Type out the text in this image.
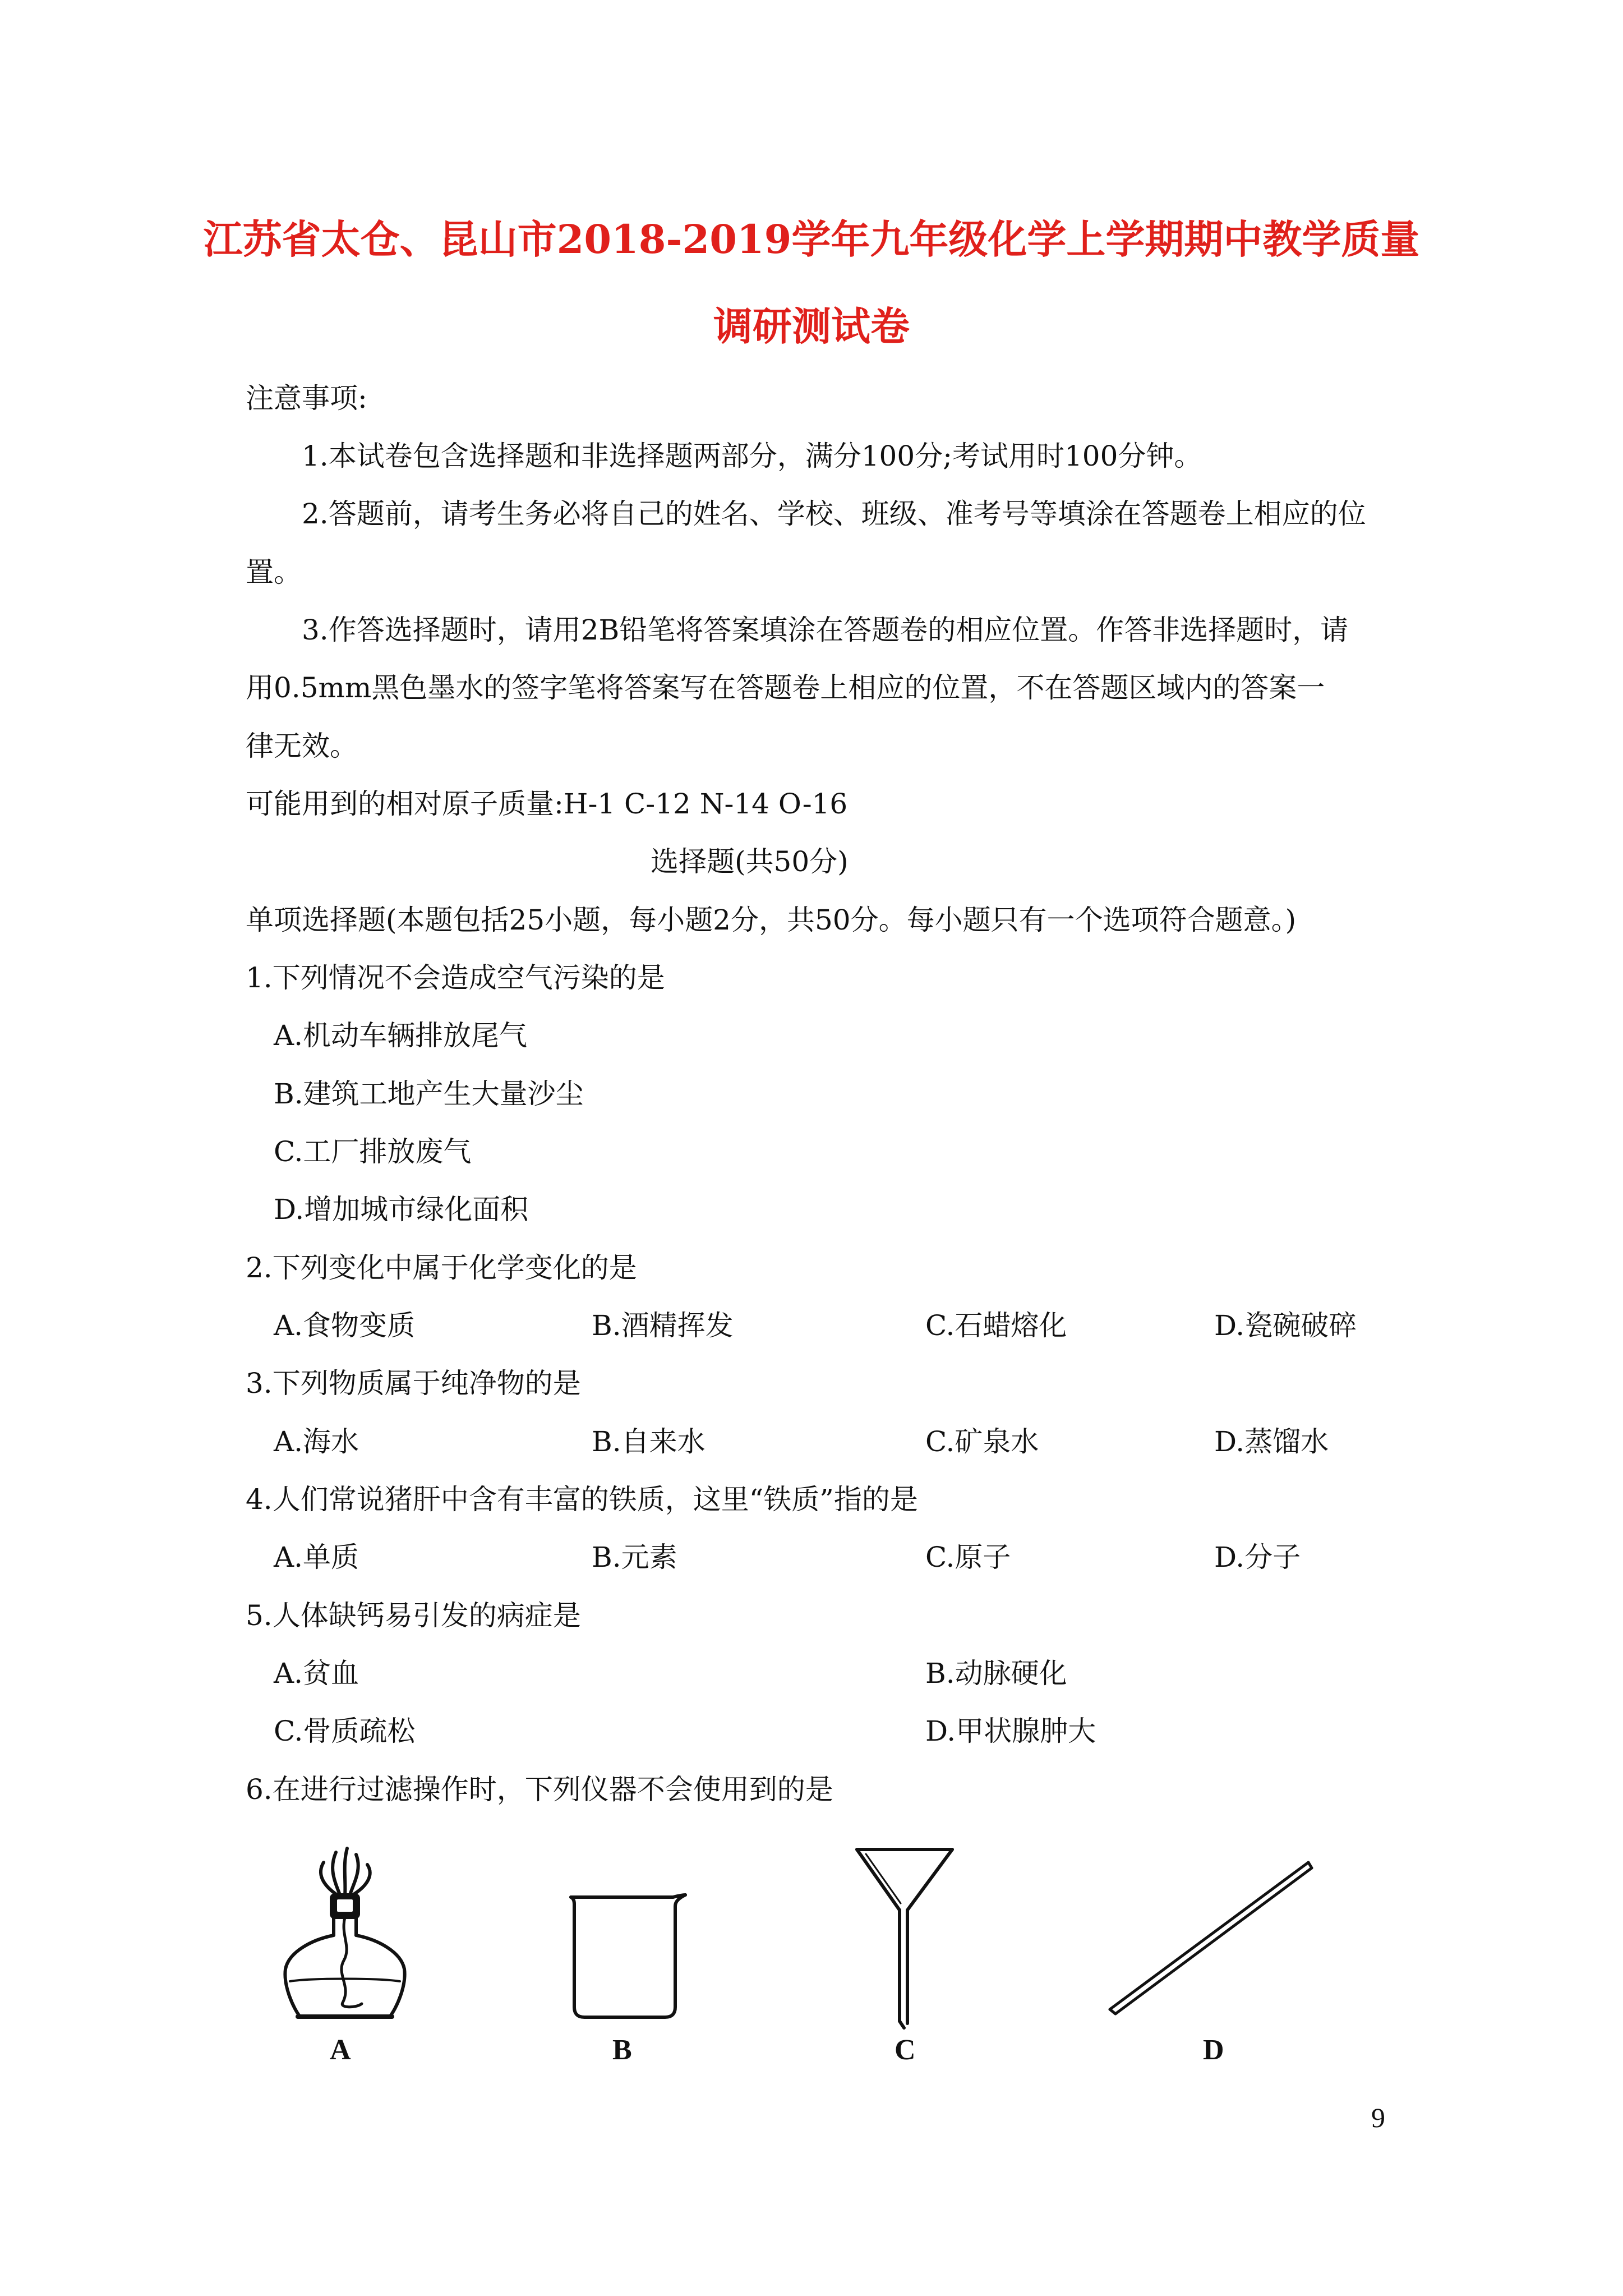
江苏省太仓、昆山市2018-2019学年九年级化学上学期期中教学质量
调研测试卷
注意事项:
1.本试卷包含选择题和非选择题两部分，满分100分;考试用时100分钟。
2.答题前，请考生务必将自己的姓名、学校、班级、准考号等填涂在答题卷上相应的位
置。
3.作答选择题时，请用2B铅笔将答案填涂在答题卷的相应位置。作答非选择题时，请
用0.5mm黑色墨水的签字笔将答案写在答题卷上相应的位置，不在答题区域内的答案一
律无效。
可能用到的相对原子质量:H-1 C-12 N-14 O-16
选择题(共50分)
单项选择题(本题包括25小题，每小题2分，共50分。每小题只有一个选项符合题意。)
1.下列情况不会造成空气污染的是
A.机动车辆排放尾气
B.建筑工地产生大量沙尘
C.工厂排放废气
D.增加城市绿化面积
2.下列变化中属于化学变化的是
A.食物变质	B.酒精挥发	C.石蜡熔化	D.瓷碗破碎
3.下列物质属于纯净物的是
A.海水	B.自来水	C.矿泉水	D.蒸馏水
4.人们常说猪肝中含有丰富的铁质，这里“铁质”指的是
A.单质	B.元素	C.原子	D.分子
5.人体缺钙易引发的病症是
A.贫血	B.动脉硬化
C.骨质疏松	D.甲状腺肿大
6.在进行过滤操作时，下列仪器不会使用到的是
A	B	C	D
9
